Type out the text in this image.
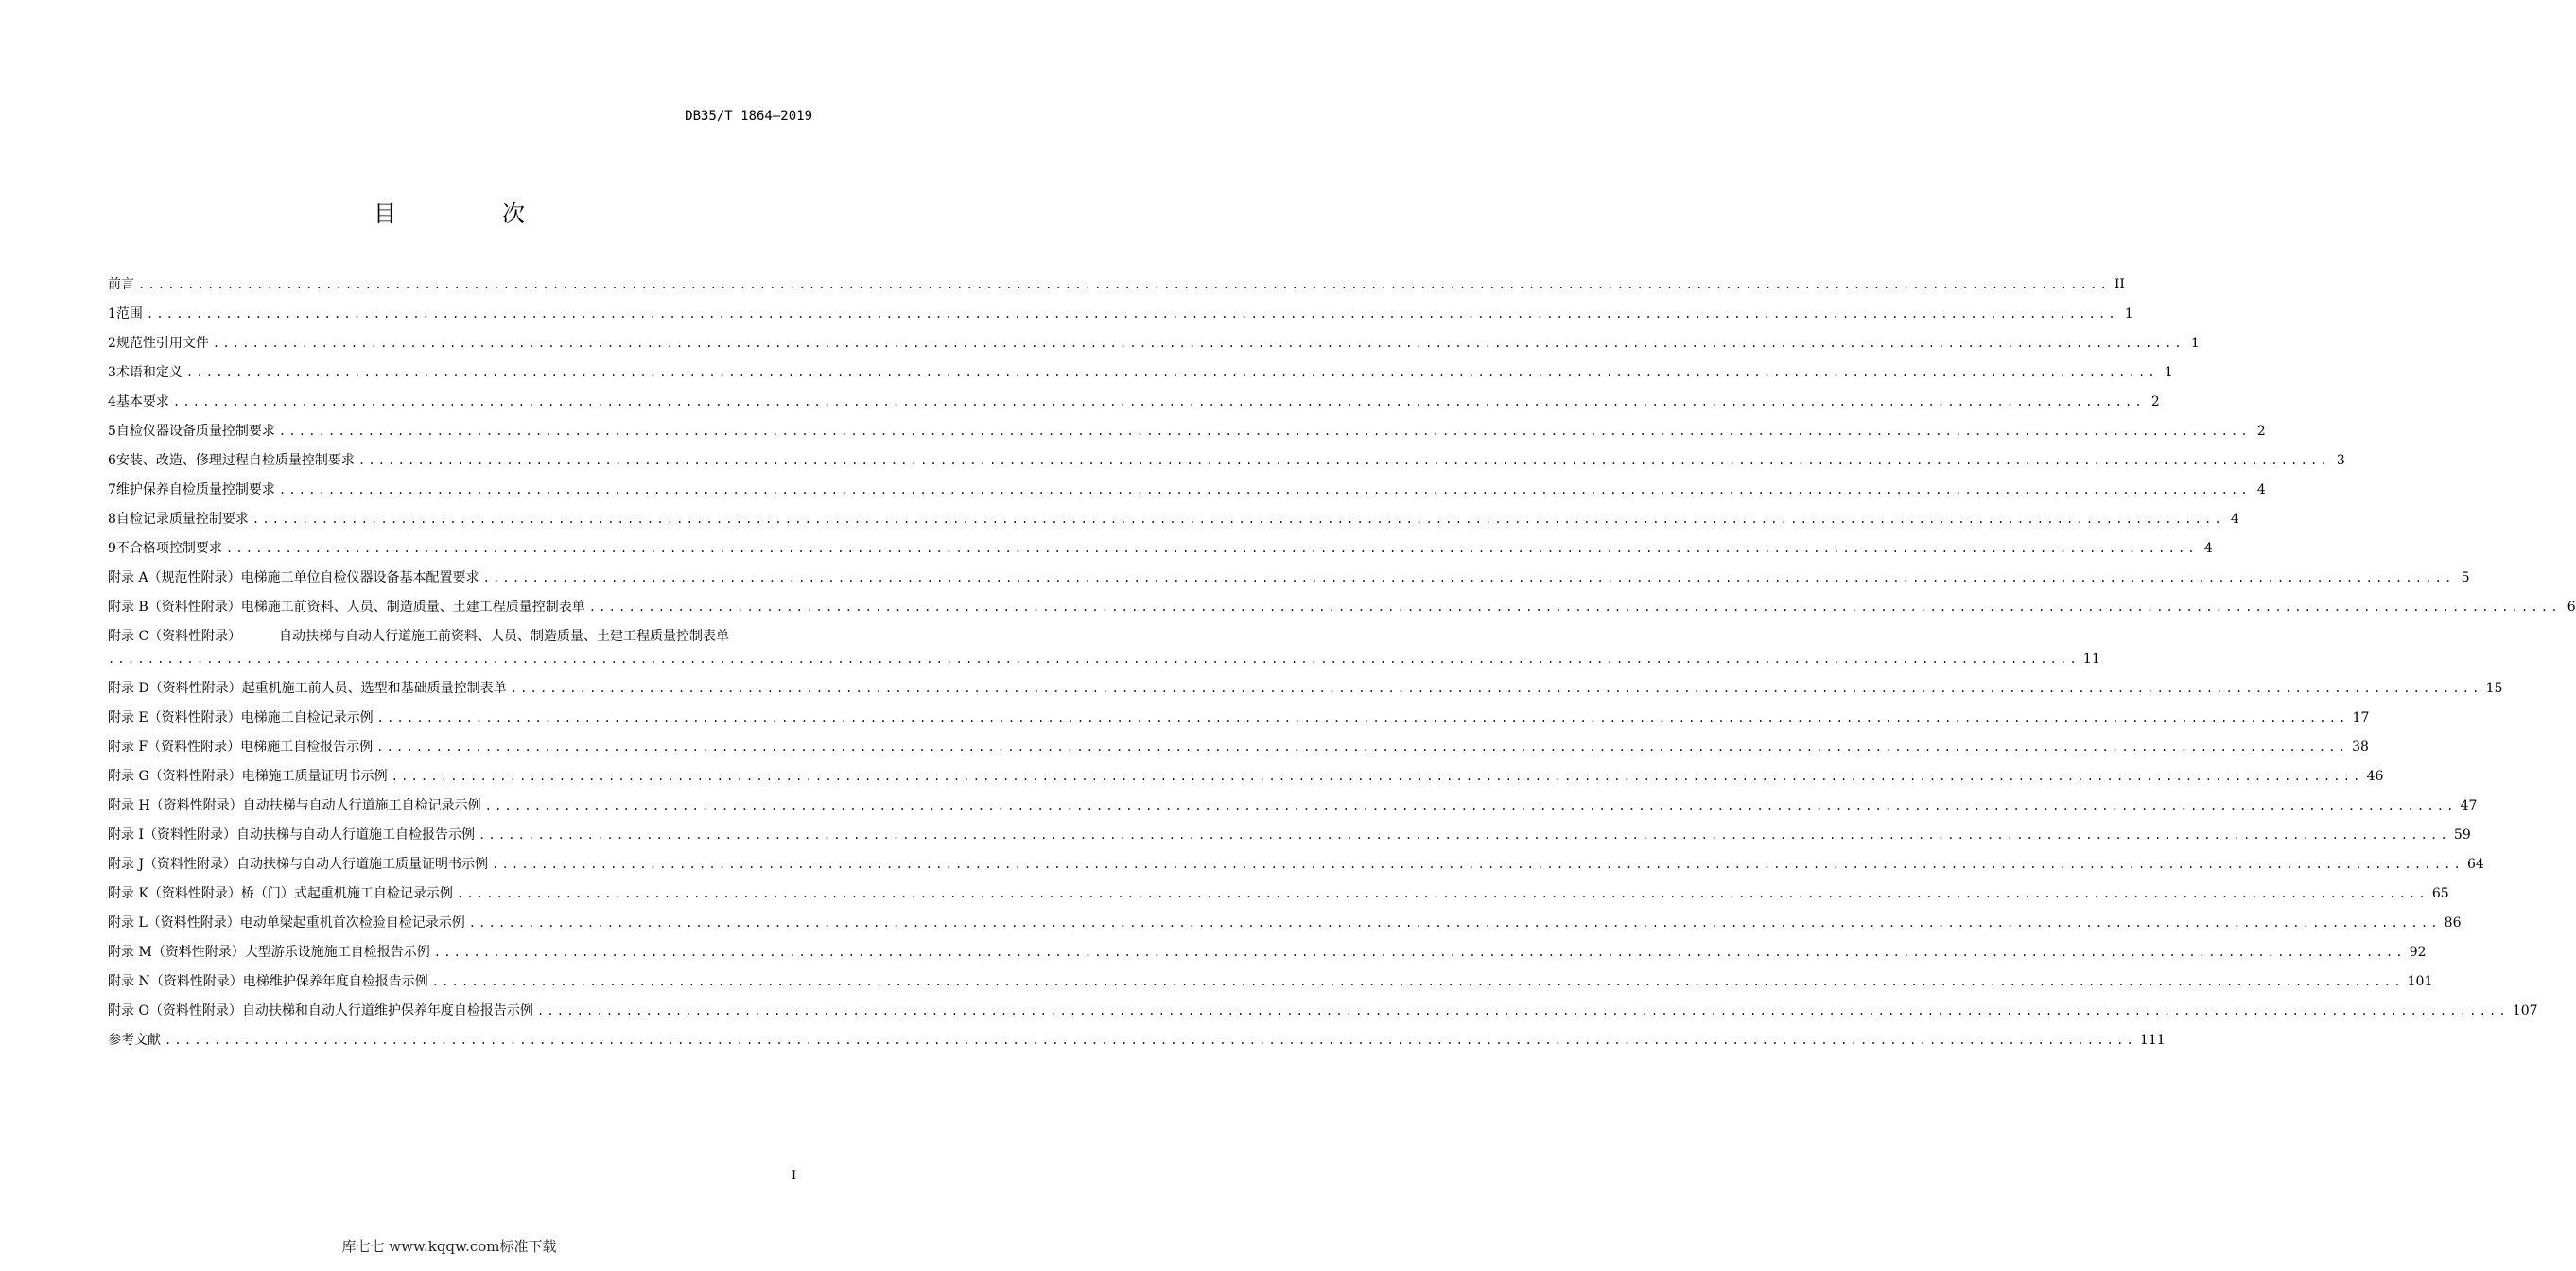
DB35/T 1864—2019
目　次
前言 ........................................................................................................................................................................................................ II
1 范围 ........................................................................................................................................................................................................ 1
2 规范性引用文件 ........................................................................................................................................................................................................ 1
3 术语和定义 ........................................................................................................................................................................................................ 1
4 基本要求 ........................................................................................................................................................................................................ 2
5 自检仪器设备质量控制要求 ........................................................................................................................................................................................................ 2
6 安装、改造、修理过程自检质量控制要求 ........................................................................................................................................................................................................ 3
7 维护保养自检质量控制要求 ........................................................................................................................................................................................................ 4
8 自检记录质量控制要求 ........................................................................................................................................................................................................ 4
9 不合格项控制要求 ........................................................................................................................................................................................................ 4
附录 A（规范性附录） 电梯施工单位自检仪器设备基本配置要求 ........................................................................................................................................................................................................ 5
附录 B（资料性附录） 电梯施工前资料、人员、制造质量、土建工程质量控制表单 ........................................................................................................................................................................................................ 6
附录 C（资料性附录）	自动扶梯与自动人行道施工前资料、人员、制造质量、土建工程质量控制表单
........................................................................................................................................................................................................ 11
附录 D（资料性附录） 起重机施工前人员、选型和基础质量控制表单 ........................................................................................................................................................................................................ 15
附录 E（资料性附录） 电梯施工自检记录示例 ........................................................................................................................................................................................................ 17
附录 F（资料性附录） 电梯施工自检报告示例 ........................................................................................................................................................................................................ 38
附录 G（资料性附录） 电梯施工质量证明书示例 ........................................................................................................................................................................................................ 46
附录 H（资料性附录） 自动扶梯与自动人行道施工自检记录示例 ........................................................................................................................................................................................................ 47
附录 I（资料性附录） 自动扶梯与自动人行道施工自检报告示例 ........................................................................................................................................................................................................ 59
附录 J（资料性附录） 自动扶梯与自动人行道施工质量证明书示例 ........................................................................................................................................................................................................ 64
附录 K（资料性附录） 桥（门）式起重机施工自检记录示例 ........................................................................................................................................................................................................ 65
附录 L（资料性附录） 电动单梁起重机首次检验自检记录示例 ........................................................................................................................................................................................................ 86
附录 M（资料性附录） 大型游乐设施施工自检报告示例 ........................................................................................................................................................................................................ 92
附录 N（资料性附录） 电梯维护保养年度自检报告示例 ........................................................................................................................................................................................................ 101
附录 O（资料性附录） 自动扶梯和自动人行道维护保养年度自检报告示例 ........................................................................................................................................................................................................ 107
参考文献 ........................................................................................................................................................................................................ 111
I
库七七 www.kqqw.com标准下载
